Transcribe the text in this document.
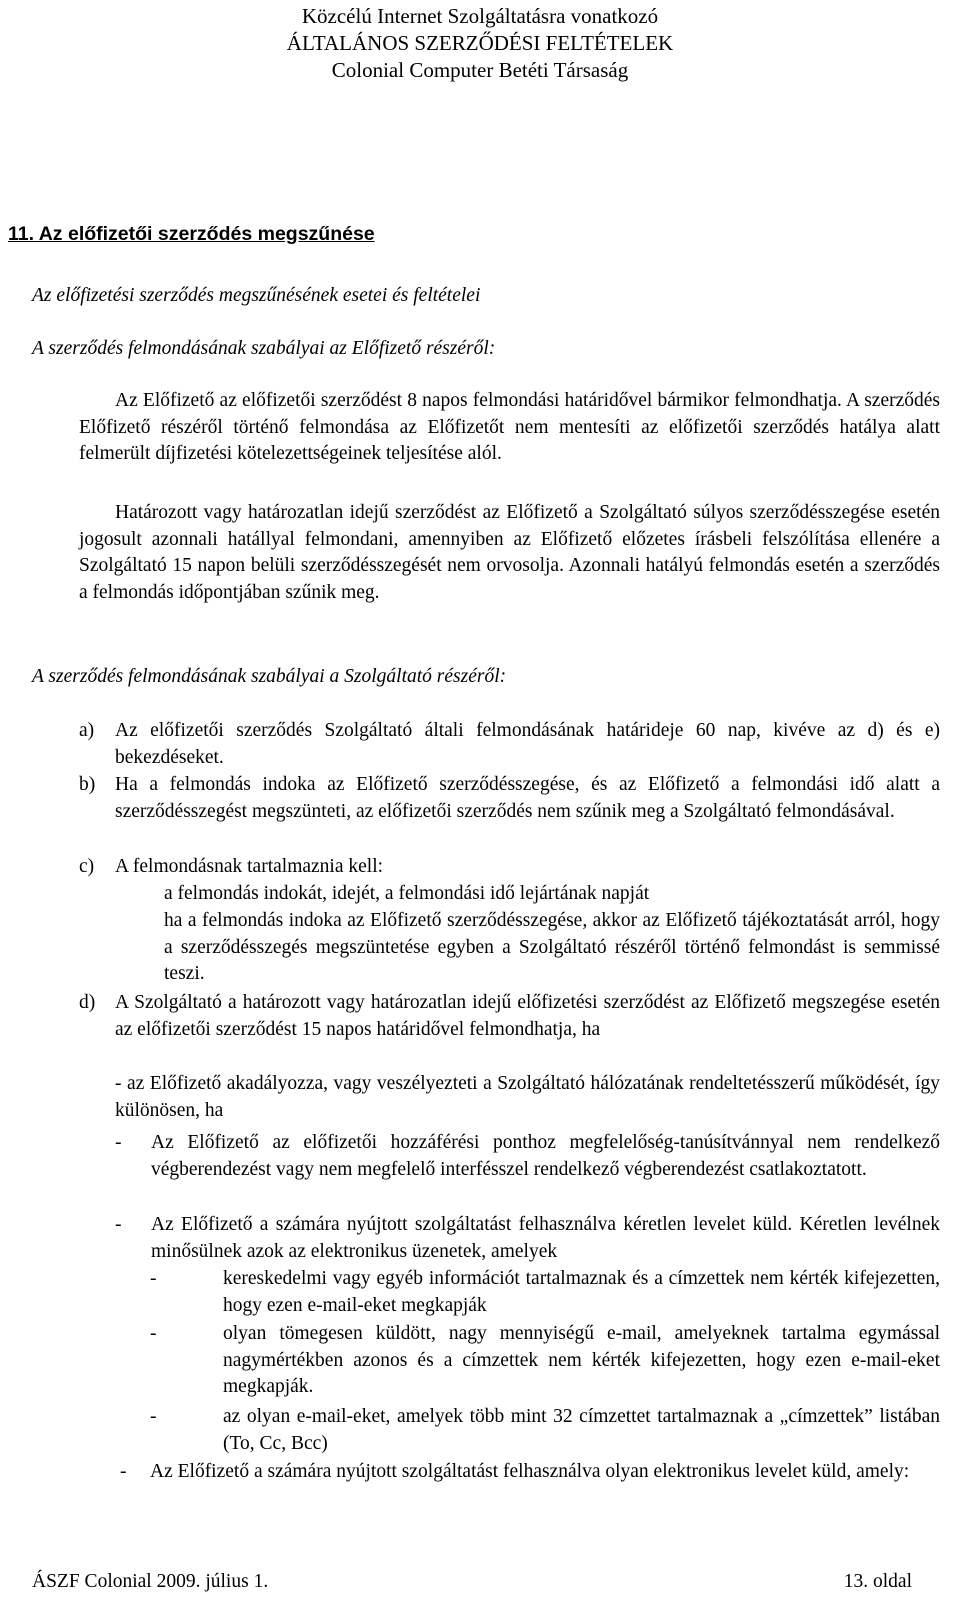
Közcélú Internet Szolgáltatásra vonatkozó
ÁLTALÁNOS SZERZŐDÉSI FELTÉTELEK
Colonial Computer Betéti Társaság
11. Az előfizetői szerződés megszűnése
Az előfizetési szerződés megszűnésének esetei és feltételei
A szerződés felmondásának szabályai az Előfizető részéről:
Az Előfizető az előfizetői szerződést 8 napos felmondási határidővel bármikor felmondhatja. A szerződés Előfizető részéről történő felmondása az Előfizetőt nem mentesíti az előfizetői szerződés hatálya alatt felmerült díjfizetési kötelezettségeinek teljesítése alól.
Határozott vagy határozatlan idejű szerződést az Előfizető a Szolgáltató súlyos szerződésszegése esetén jogosult azonnali hatállyal felmondani, amennyiben az Előfizető előzetes írásbeli felszólítása ellenére a Szolgáltató 15 napon belüli szerződésszegését nem orvosolja. Azonnali hatályú felmondás esetén a szerződés a felmondás időpontjában szűnik meg.
A szerződés felmondásának szabályai a Szolgáltató részéről:
a) Az előfizetői szerződés Szolgáltató általi felmondásának határideje 60 nap, kivéve az d) és e) bekezdéseket.
b) Ha a felmondás indoka az Előfizető szerződésszegése, és az Előfizető a felmondási idő alatt a szerződésszegést megszünteti, az előfizetői szerződés nem szűnik meg a Szolgáltató felmondásával.
c) A felmondásnak tartalmaznia kell:
a felmondás indokát, idejét, a felmondási idő lejártának napját
ha a felmondás indoka az Előfizető szerződésszegése, akkor az Előfizető tájékoztatását arról, hogy a szerződésszegés megszüntetése egyben a Szolgáltató részéről történő felmondást is semmissé teszi.
d) A Szolgáltató a határozott vagy határozatlan idejű előfizetési szerződést az Előfizető megszegése esetén az előfizetői szerződést 15 napos határidővel felmondhatja, ha
- az Előfizető akadályozza, vagy veszélyezteti a Szolgáltató hálózatának rendeltetésszerű működését, így különösen, ha
- Az Előfizető az előfizetői hozzáférési ponthoz megfelelőség-tanúsítvánnyal nem rendelkező végberendezést vagy nem megfelelő interfésszel rendelkező végberendezést csatlakoztatott.
- Az Előfizető a számára nyújtott szolgáltatást felhasználva kéretlen levelet küld. Kéretlen levélnek minősülnek azok az elektronikus üzenetek, amelyek
-	kereskedelmi vagy egyéb információt tartalmaznak és a címzettek nem kérték kifejezetten, hogy ezen e-mail-eket megkapják
-	olyan tömegesen küldött, nagy mennyiségű e-mail, amelyeknek tartalma egymással nagymértékben azonos és a címzettek nem kérték kifejezetten, hogy ezen e-mail-eket megkapják.
-	az olyan e-mail-eket, amelyek több mint 32 címzettet tartalmaznak a „címzettek” listában (To, Cc, Bcc)
- Az Előfizető a számára nyújtott szolgáltatást felhasználva olyan elektronikus levelet küld, amely:
ÁSZF Colonial 2009. július 1.	13. oldal
